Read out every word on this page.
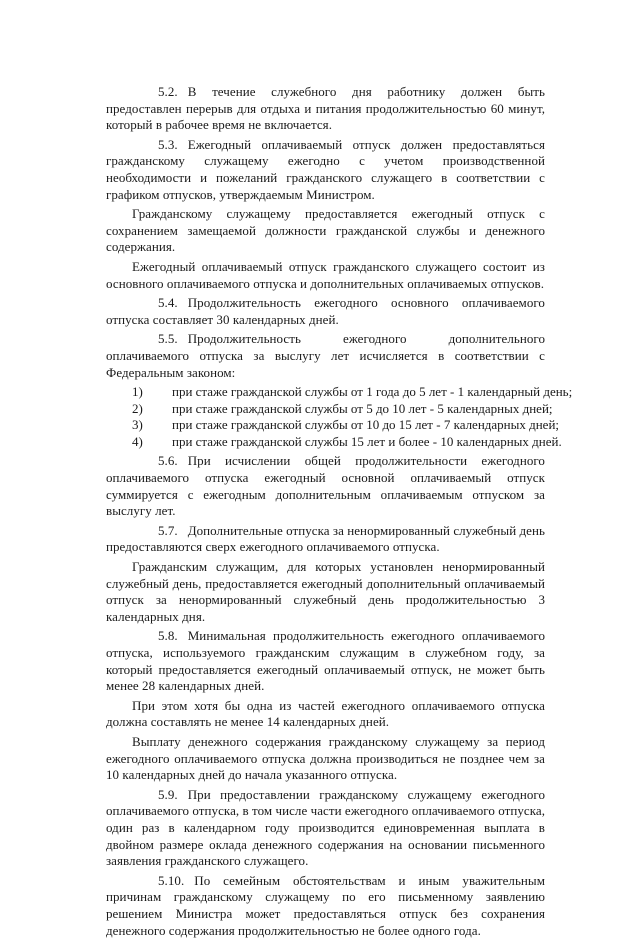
5.2. В течение служебного дня работнику должен быть предоставлен перерыв для отдыха и питания продолжительностью 60 минут, который в рабочее время не включается.

5.3. Ежегодный оплачиваемый отпуск должен предоставляться гражданскому служащему ежегодно с учетом производственной необходимости и пожеланий гражданского служащего в соответствии с графиком отпусков, утверждаемым Министром.

Гражданскому служащему предоставляется ежегодный отпуск с сохранением замещаемой должности гражданской службы и денежного содержания.

Ежегодный оплачиваемый отпуск гражданского служащего состоит из основного оплачиваемого отпуска и дополнительных оплачиваемых отпусков.

5.4. Продолжительность ежегодного основного оплачиваемого отпуска составляет 30 календарных дней.

5.5. Продолжительность ежегодного дополнительного оплачиваемого отпуска за выслугу лет исчисляется в соответствии с Федеральным законом:

1) при стаже гражданской службы от 1 года до 5 лет - 1 календарный день;
2) при стаже гражданской службы от 5 до 10 лет - 5 календарных дней;
3) при стаже гражданской службы от 10 до 15 лет - 7 календарных дней;
4) при стаже гражданской службы 15 лет и более - 10 календарных дней.

5.6. При исчислении общей продолжительности ежегодного оплачиваемого отпуска ежегодный основной оплачиваемый отпуск суммируется с ежегодным дополнительным оплачиваемым отпуском за выслугу лет.

5.7. Дополнительные отпуска за ненормированный служебный день предоставляются сверх ежегодного оплачиваемого отпуска.

Гражданским служащим, для которых установлен ненормированный служебный день, предоставляется ежегодный дополнительный оплачиваемый отпуск за ненормированный служебный день продолжительностью 3 календарных дня.

5.8. Минимальная продолжительность ежегодного оплачиваемого отпуска, используемого гражданским служащим в служебном году, за который предоставляется ежегодный оплачиваемый отпуск, не может быть менее 28 календарных дней.

При этом хотя бы одна из частей ежегодного оплачиваемого отпуска должна составлять не менее 14 календарных дней.

Выплату денежного содержания гражданскому служащему за период ежегодного оплачиваемого отпуска должна производиться не позднее чем за 10 календарных дней до начала указанного отпуска.

5.9. При предоставлении гражданскому служащему ежегодного оплачиваемого отпуска, в том числе части ежегодного оплачиваемого отпуска, один раз в календарном году производится единовременная выплата в двойном размере оклада денежного содержания на основании письменного заявления гражданского служащего.

5.10. По семейным обстоятельствам и иным уважительным причинам гражданскому служащему по его письменному заявлению решением Министра может предоставляться отпуск без сохранения денежного содержания продолжительностью не более одного года.
